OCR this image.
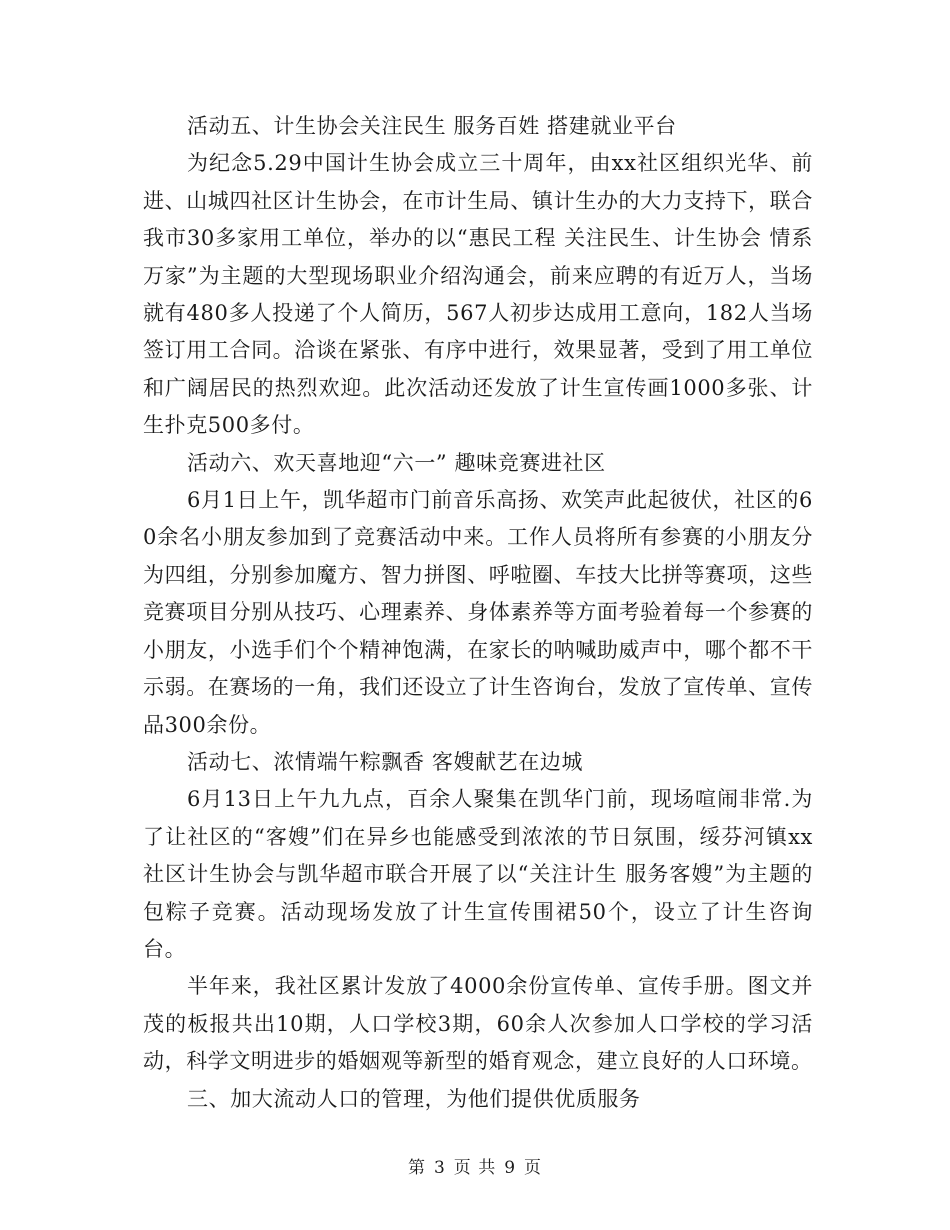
活动五、计生协会关注民生 服务百姓 搭建就业平台

为纪念5.29中国计生协会成立三十周年，由xx社区组织光华、前进、山城四社区计生协会，在市计生局、镇计生办的大力支持下，联合我市30多家用工单位，举办的以“惠民工程 关注民生、计生协会 情系万家”为主题的大型现场职业介绍沟通会，前来应聘的有近万人，当场就有480多人投递了个人简历，567人初步达成用工意向，182人当场签订用工合同。洽谈在紧张、有序中进行，效果显著，受到了用工单位和广阔居民的热烈欢迎。此次活动还发放了计生宣传画1000多张、计生扑克500多付。

活动六、欢天喜地迎“六一” 趣味竞赛进社区

6月1日上午，凯华超市门前音乐高扬、欢笑声此起彼伏，社区的60余名小朋友参加到了竞赛活动中来。工作人员将所有参赛的小朋友分为四组，分别参加魔方、智力拼图、呼啦圈、车技大比拼等赛项，这些竞赛项目分别从技巧、心理素养、身体素养等方面考验着每一个参赛的小朋友，小选手们个个精神饱满，在家长的呐喊助威声中，哪个都不干示弱。在赛场的一角，我们还设立了计生咨询台，发放了宣传单、宣传品300余份。

活动七、浓情端午粽飘香 客嫂献艺在边城

6月13日上午九九点，百余人聚集在凯华门前，现场喧闹非常.为了让社区的“客嫂”们在异乡也能感受到浓浓的节日氛围，绥芬河镇xx社区计生协会与凯华超市联合开展了以“关注计生 服务客嫂”为主题的包粽子竞赛。活动现场发放了计生宣传围裙50个，设立了计生咨询台。

半年来，我社区累计发放了4000余份宣传单、宣传手册。图文并茂的板报共出10期，人口学校3期，60余人次参加人口学校的学习活动，科学文明进步的婚姻观等新型的婚育观念，建立良好的人口环境。

三、加大流动人口的管理，为他们提供优质服务

第 3 页 共 9 页
